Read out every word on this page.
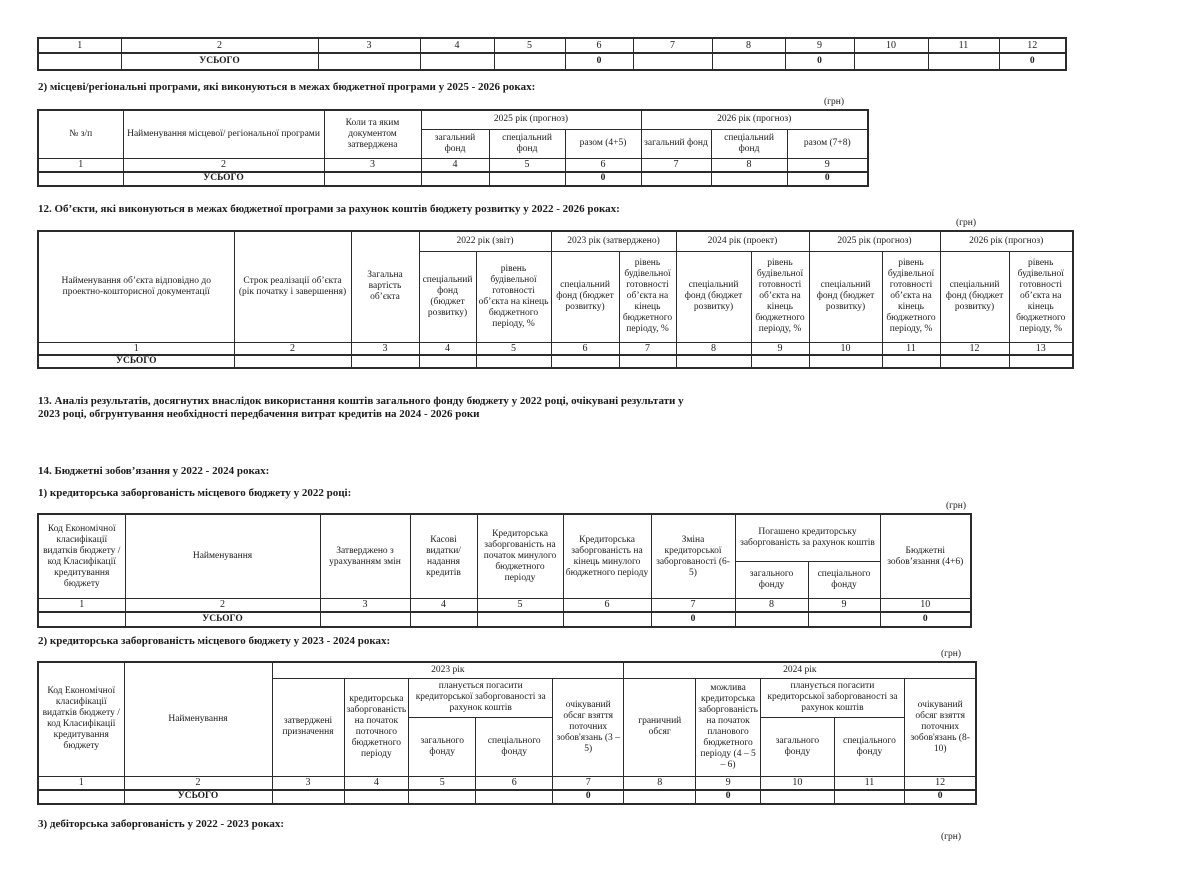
1	2	3	4	5	6	7	8	9	10	11	12
	УСЬОГО				0			0			0
2) місцеві/регіональні програми, які виконуються в межах бюджетної програми у 2025 - 2026 роках:
(грн)
№ з/п	Найменування місцевої/ регіональної програми	Коли та яким документом затверджена	2025 рік (прогноз)			2026 рік (прогноз)		
			загальний фонд	спеціальний фонд	разом (4+5)	загальний фонд	спеціальний фонд	разом (7+8)
1	2	3	4	5	6	7	8	9
	УСЬОГО				0			0
12. Об’єкти, які виконуються в межах бюджетної програми за рахунок коштів бюджету розвитку у 2022 - 2026 роках:
(грн)
Найменування об’єкта відповідно до проектно-кошторисної документації	Строк реалізації об’єкта (рік початку і завершення)	Загальна вартість об’єкта	2022 рік (звіт)		2023 рік (затверджено)		2024 рік (проект)		2025 рік (прогноз)		2026 рік (прогноз)	
			спеціальний фонд (бюджет розвитку)	рівень будівельної готовності об’єкта на кінець бюджетного періоду, %	спеціальний фонд (бюджет розвитку)	рівень будівельної готовності об’єкта на кінець бюджетного періоду, %	спеціальний фонд (бюджет розвитку)	рівень будівельної готовності об’єкта на кінець бюджетного періоду, %	спеціальний фонд (бюджет розвитку)	рівень будівельної готовності об’єкта на кінець бюджетного періоду, %	спеціальний фонд (бюджет розвитку)	рівень будівельної готовності об’єкта на кінець бюджетного періоду, %
1	2	3	4	5	6	7	8	9	10	11	12	13
УСЬОГО												
13. Аналіз результатів, досягнутих внаслідок використання коштів загального фонду бюджету у 2022 році, очікувані результати у 2023 році, обгрунтування необхідності передбачення витрат кредитів на 2024 - 2026 роки
14. Бюджетні зобов’язання у 2022 - 2024 роках:
1) кредиторська заборгованість місцевого бюджету у 2022 році:
(грн)
Код Економічної класифікації видатків бюджету / код Класифікації кредитування бюджету	Найменування	Затверджено з урахуванням змін	Касові видатки/ надання кредитів	Кредиторська заборгованість на початок минулого бюджетного періоду	Кредиторська заборгованість на кінець минулого бюджетного періоду	Зміна кредиторської заборгованості (6-5)	Погашено кредиторську заборгованість за рахунок коштів		Бюджетні зобов’язання (4+6)
							загального фонду	спеціального фонду	
1	2	3	4	5	6	7	8	9	10
	УСЬОГО					0			0
2) кредиторська заборгованість місцевого бюджету у 2023 - 2024 роках:
(грн)
Код Економічної класифікації видатків бюджету / код Класифікації кредитування бюджету	Найменування	2023 рік					2024 рік				
		затверджені призначення	кредиторська заборгованість на початок поточного бюджетного періоду	планується погасити кредиторської заборгованості за рахунок коштів		очікуваний обсяг взяття поточних зобов'язань (3 – 5)	граничний обсяг	можлива кредиторська заборгованість на початок планового бюджетного періоду (4 – 5 – 6)	планується погасити кредиторської заборгованості за рахунок коштів		очікуваний обсяг взяття поточних зобов'язань (8-10)
				загального фонду	спеціального фонду				загального фонду	спеціального фонду	
1	2	3	4	5	6	7	8	9	10	11	12
	УСЬОГО					0		0			0
3) дебіторська заборгованість у 2022 - 2023 роках:
(грн)
